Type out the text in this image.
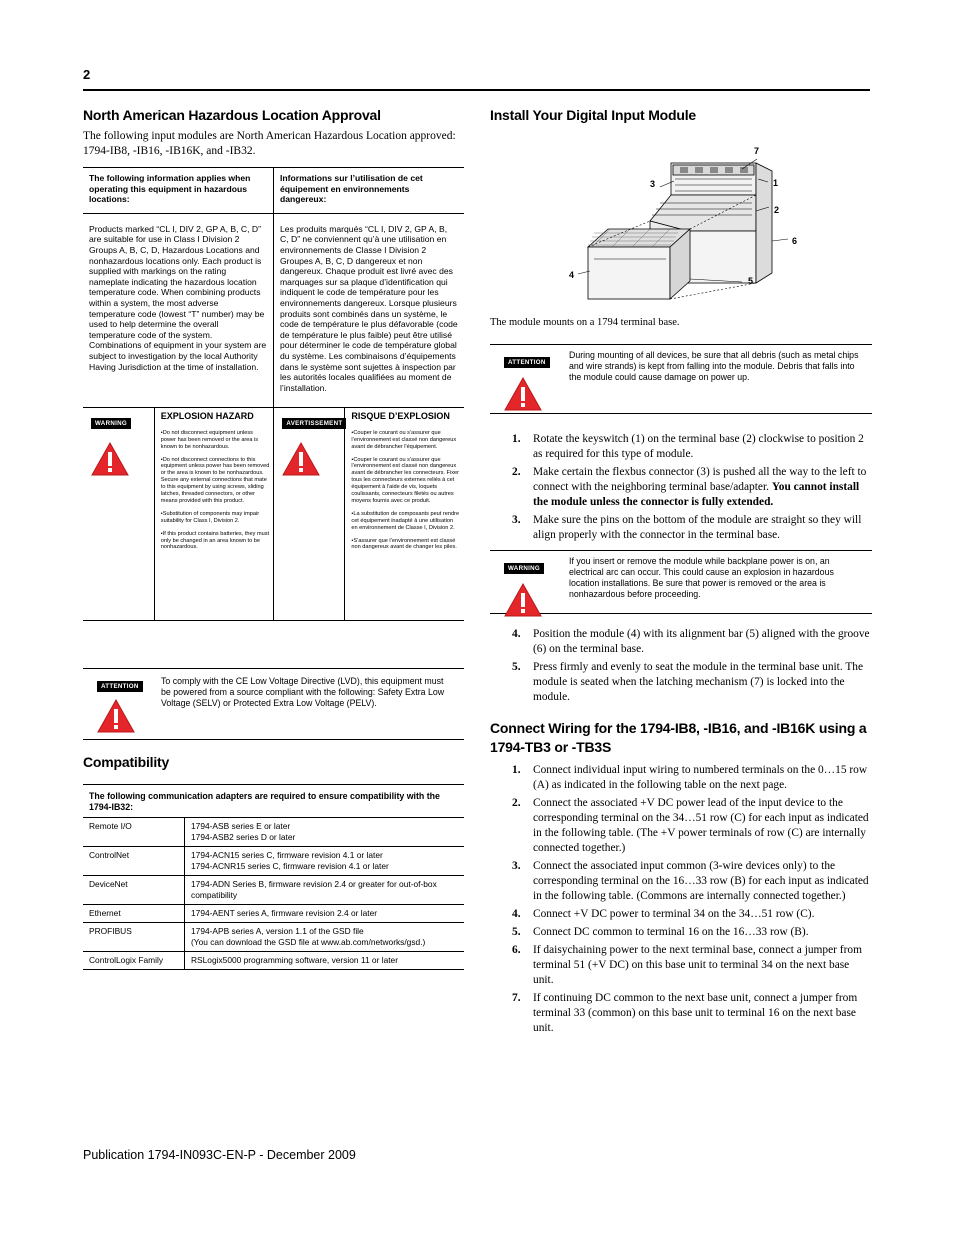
2
North American Hazardous Location Approval
The following input modules are North American Hazardous Location approved: 1794-IB8, -IB16, -IB16K, and -IB32.
The following information applies when operating this equipment in hazardous locations:
Informations sur l’utilisation de cet équipement en environnements dangereux:
Products marked “CL I, DIV 2, GP A, B, C, D” are suitable for use in Class I Division 2 Groups A, B, C, D, Hazardous Locations and nonhazardous locations only. Each product is supplied with markings on the rating nameplate indicating the hazardous location temperature code. When combining products within a system, the most adverse temperature code (lowest “T” number) may be used to help determine the overall temperature code of the system. Combinations of equipment in your system are subject to investigation by the local Authority Having Jurisdiction at the time of installation.
Les produits marqués “CL I, DIV 2, GP A, B, C, D” ne conviennent qu’à une utilisation en environnements de Classe I Division 2 Groupes A, B, C, D dangereux et non dangereux. Chaque produit est livré avec des marquages sur sa plaque d’identification qui indiquent le code de température pour les environnements dangereux. Lorsque plusieurs produits sont combinés dans un système, le code de température le plus défavorable (code de température le plus faible) peut être utilisé pour déterminer le code de température global du système. Les combinaisons d’équipements dans le système sont sujettes à inspection par les autorités locales qualifiées au moment de l’installation.
WARNING
EXPLOSION HAZARD
•Do not disconnect equipment unless power has been removed or the area is known to be nonhazardous.
•Do not disconnect connections to this equipment unless power has been removed or the area is known to be nonhazardous. Secure any external connections that mate to this equipment by using screws, sliding latches, threaded connectors, or other means provided with this product.
•Substitution of components may impair suitability for Class I, Division 2.
•If this product contains batteries, they must only be changed in an area known to be nonhazardous.
AVERTISSEMENT
RISQUE D’EXPLOSION
•Couper le courant ou s’assurer que l’environnement est classé non dangereux avant de débrancher l'équipement.
•Couper le courant ou s'assurer que l’environnement est classé non dangereux avant de débrancher les connecteurs. Fixer tous les connecteurs externes reliés à cet équipement à l'aide de vis, loquets coulissants, connecteurs filetés ou autres moyens fournis avec ce produit.
•La substitution de composants peut rendre cet équipement inadapté à une utilisation en environnement de Classe I, Division 2.
•S’assurer que l’environnement est classé non dangereux avant de changer les piles.
ATTENTION
To comply with the CE Low Voltage Directive (LVD), this equipment must be powered from a source compliant with the following: Safety Extra Low Voltage (SELV) or Protected Extra Low Voltage (PELV).
Compatibility
The following communication adapters are required to ensure compatibility with the 1794-IB32:
Remote I/O	1794-ASB series E or later
1794-ASB2 series D or later
ControlNet	1794-ACN15 series C, firmware revision 4.1 or later
1794-ACNR15 series C, firmware revision 4.1 or later
DeviceNet	1794-ADN Series B, firmware revision 2.4 or greater for out-of-box compatibility
Ethernet	1794-AENT series A, firmware revision 2.4 or later
PROFIBUS	1794-APB series A, version 1.1 of the GSD file
(You can download the GSD file at www.ab.com/networks/gsd.)
ControlLogix Family	RSLogix5000 programming software, version 11 or later
Install Your Digital Input Module
7
3	1
2
6
4
5
The module mounts on a 1794 terminal base.
ATTENTION
During mounting of all devices, be sure that all debris (such as metal chips and wire strands) is kept from falling into the module. Debris that falls into the module could cause damage on power up.
1.	Rotate the keyswitch (1) on the terminal base (2) clockwise to position 2 as required for this type of module.
2.	Make certain the flexbus connector (3) is pushed all the way to the left to connect with the neighboring terminal base/adapter. You cannot install the module unless the connector is fully extended.
3.	Make sure the pins on the bottom of the module are straight so they will align properly with the connector in the terminal base.
WARNING
If you insert or remove the module while backplane power is on, an electrical arc can occur. This could cause an explosion in hazardous location installations. Be sure that power is removed or the area is nonhazardous before proceeding.
4.	Position the module (4) with its alignment bar (5) aligned with the groove (6) on the terminal base.
5.	Press firmly and evenly to seat the module in the terminal base unit. The module is seated when the latching mechanism (7) is locked into the module.
Connect Wiring for the 1794-IB8, -IB16, and -IB16K using a 1794-TB3 or -TB3S
1.	Connect individual input wiring to numbered terminals on the 0…15 row (A) as indicated in the following table on the next page.
2.	Connect the associated +V DC power lead of the input device to the corresponding terminal on the 34…51 row (C) for each input as indicated in the following table. (The +V power terminals of row (C) are internally connected together.)
3.	Connect the associated input common (3-wire devices only) to the corresponding terminal on the 16…33 row (B) for each input as indicated in the following table. (Commons are internally connected together.)
4.	Connect +V DC power to terminal 34 on the 34…51 row (C).
5.	Connect DC common to terminal 16 on the 16…33 row (B).
6.	If daisychaining power to the next terminal base, connect a jumper from terminal 51 (+V DC) on this base unit to terminal 34 on the next base unit.
7.	If continuing DC common to the next base unit, connect a jumper from terminal 33 (common) on this base unit to terminal 16 on the next base unit.
Publication 1794-IN093C-EN-P - December 2009
